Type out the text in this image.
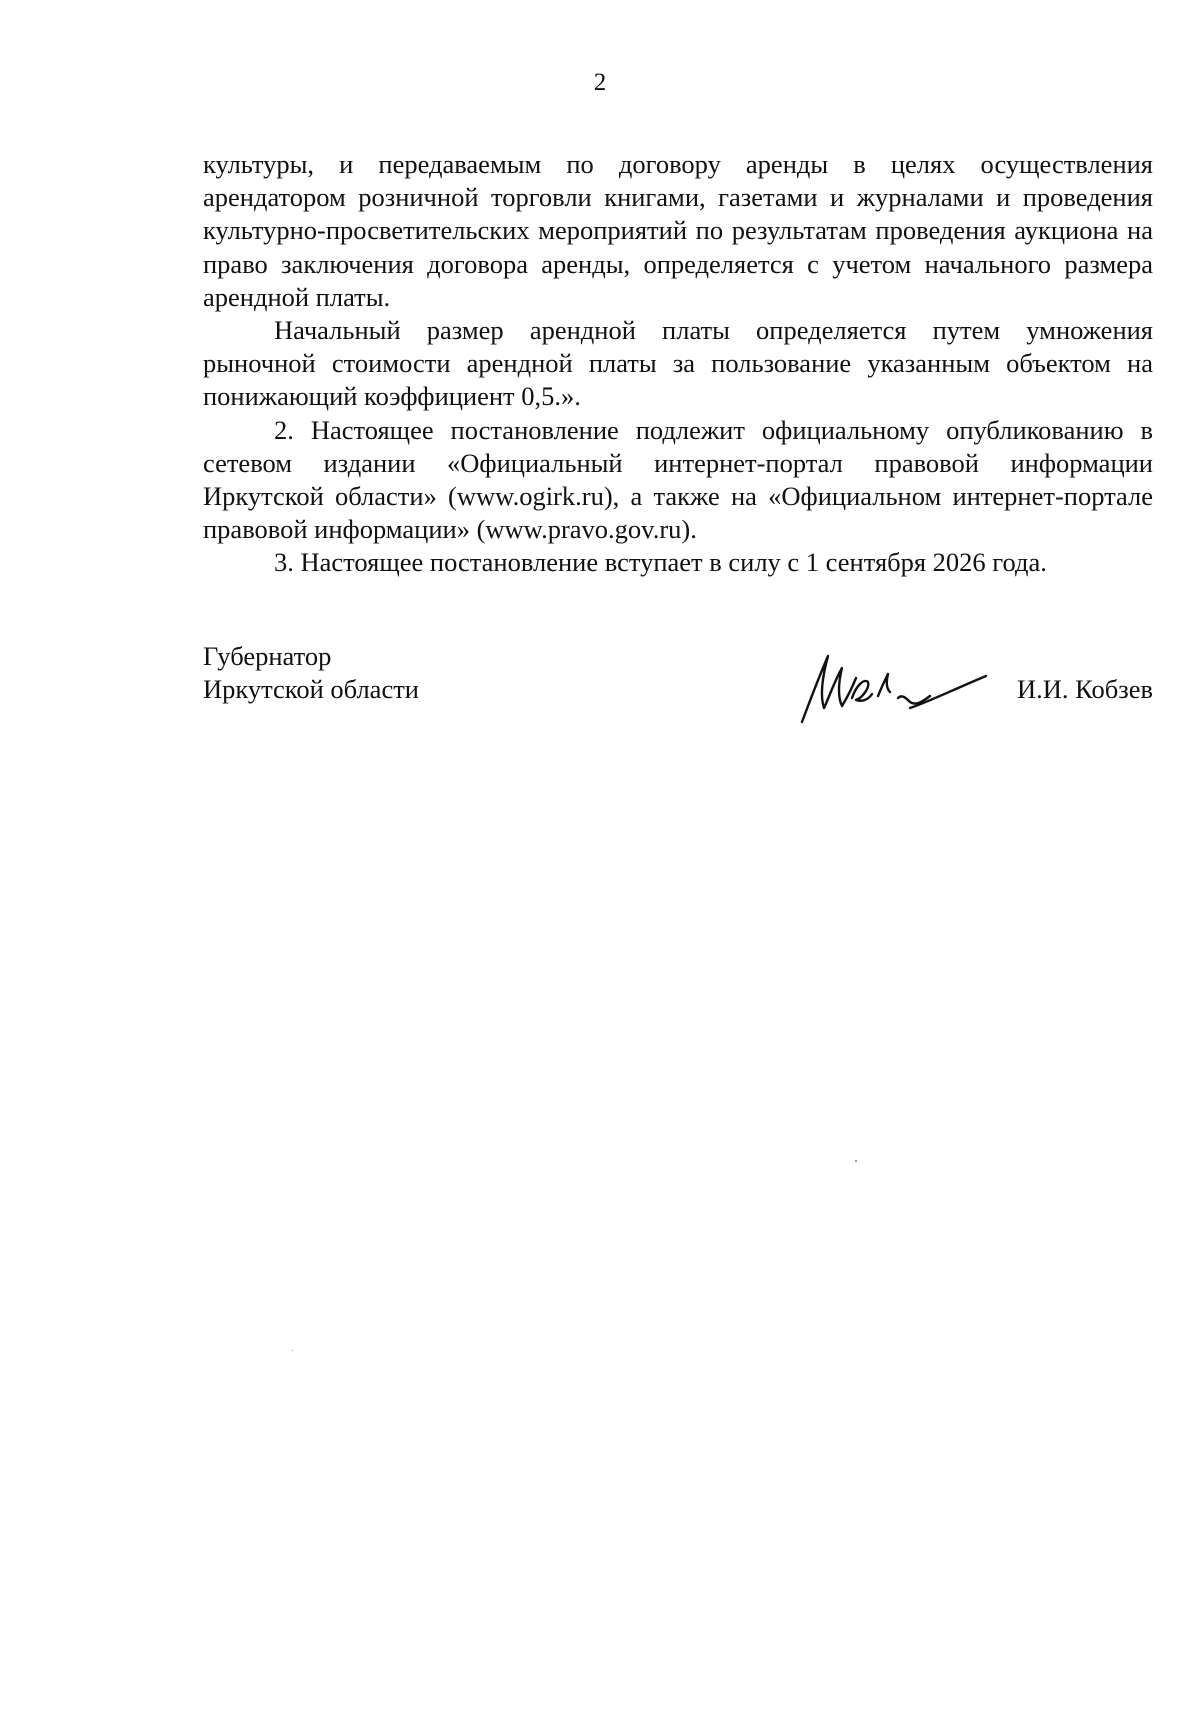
2

культуры, и передаваемым по договору аренды в целях осуществления арендатором розничной торговли книгами, газетами и журналами и проведения культурно-просветительских мероприятий по результатам проведения аукциона на право заключения договора аренды, определяется с учетом начального размера арендной платы.

Начальный размер арендной платы определяется путем умножения рыночной стоимости арендной платы за пользование указанным объектом на понижающий коэффициент 0,5.».

2. Настоящее постановление подлежит официальному опубликованию в сетевом издании «Официальный интернет-портал правовой информации Иркутской области» (www.ogirk.ru), а также на «Официальном интернет-портале правовой информации» (www.pravo.gov.ru).

3. Настоящее постановление вступает в силу с 1 сентября 2026 года.

Губернатор
Иркутской области	И.И. Кобзев
